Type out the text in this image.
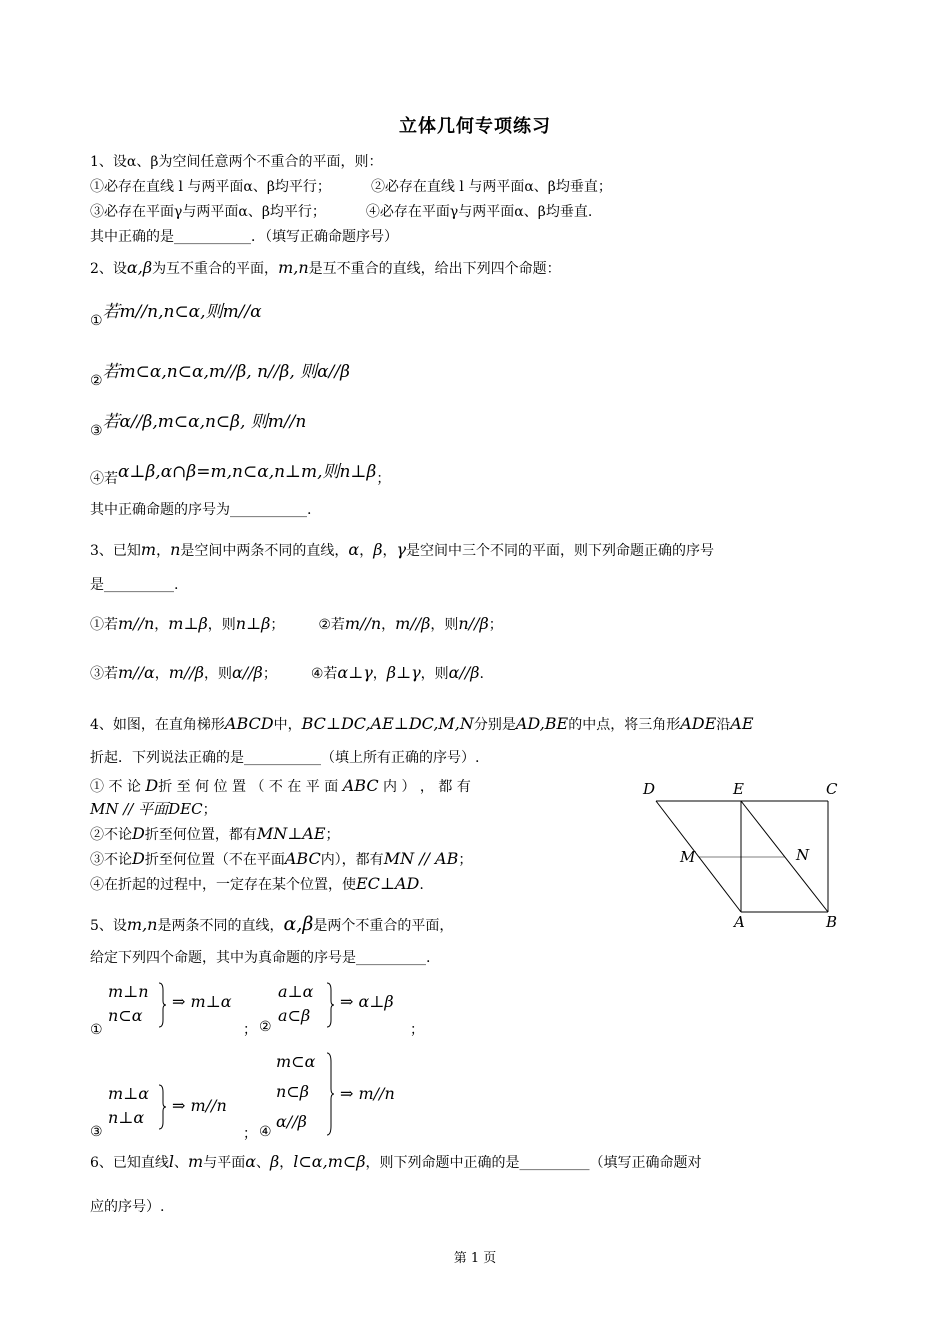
立体几何专项练习
1、设α、β为空间任意两个不重合的平面，则：
①必存在直线 l 与两平面α、β均平行；	②必存在直线 l 与两平面α、β均垂直；
③必存在平面γ与两平面α、β均平行；	④必存在平面γ与两平面α、β均垂直.
其中正确的是___________．（填写正确命题序号）
2、设α,β为互不重合的平面，m,n是互不重合的直线，给出下列四个命题：
①若m//n,n⊂α,则m//α
②若m⊂α,n⊂α,m//β, n//β, 则α//β
③若α//β,m⊂α,n⊂β, 则m//n
④若α⊥β,α∩β=m,n⊂α,n⊥m,则n⊥β；
其中正确命题的序号为___________.
3、已知m，n是空间中两条不同的直线，α，β，γ是空间中三个不同的平面，则下列命题正确的序号
是__________.
①若m//n，m⊥β，则n⊥β； ②若m//n，m//β，则n//β；
③若m//α，m//β，则α//β； ④若α⊥γ，β⊥γ，则α//β.
4、如图，在直角梯形ABCD中，BC⊥DC,AE⊥DC,M,N分别是AD,BE的中点，将三角形ADE沿AE
折起．下列说法正确的是___________（填上所有正确的序号）.
① 不 论 D折 至 何 位 置 （ 不 在 平 面 ABC 内 ） ， 都 有
MN // 平面DEC；
②不论D折至何位置，都有MN⊥AE；
③不论D折至何位置（不在平面ABC内），都有MN // AB；
④在折起的过程中，一定存在某个位置，使EC⊥AD.
D	E	C
M	N
A	B
5、设m,n是两条不同的直线，α,β是两个不重合的平面，
给定下列四个命题，其中为真命题的序号是__________.
①
m⊥n
n⊂α
⇒ m⊥α
； ②
a⊥α
a⊂β
⇒ α⊥β
；
③
m⊥α
n⊥α
⇒ m//n
； ④
m⊂α
n⊂β
α//β
⇒ m//n
6、已知直线l、m与平面α、β，l⊂α,m⊂β，则下列命题中正确的是__________（填写正确命题对
应的序号）.
第 1 页
